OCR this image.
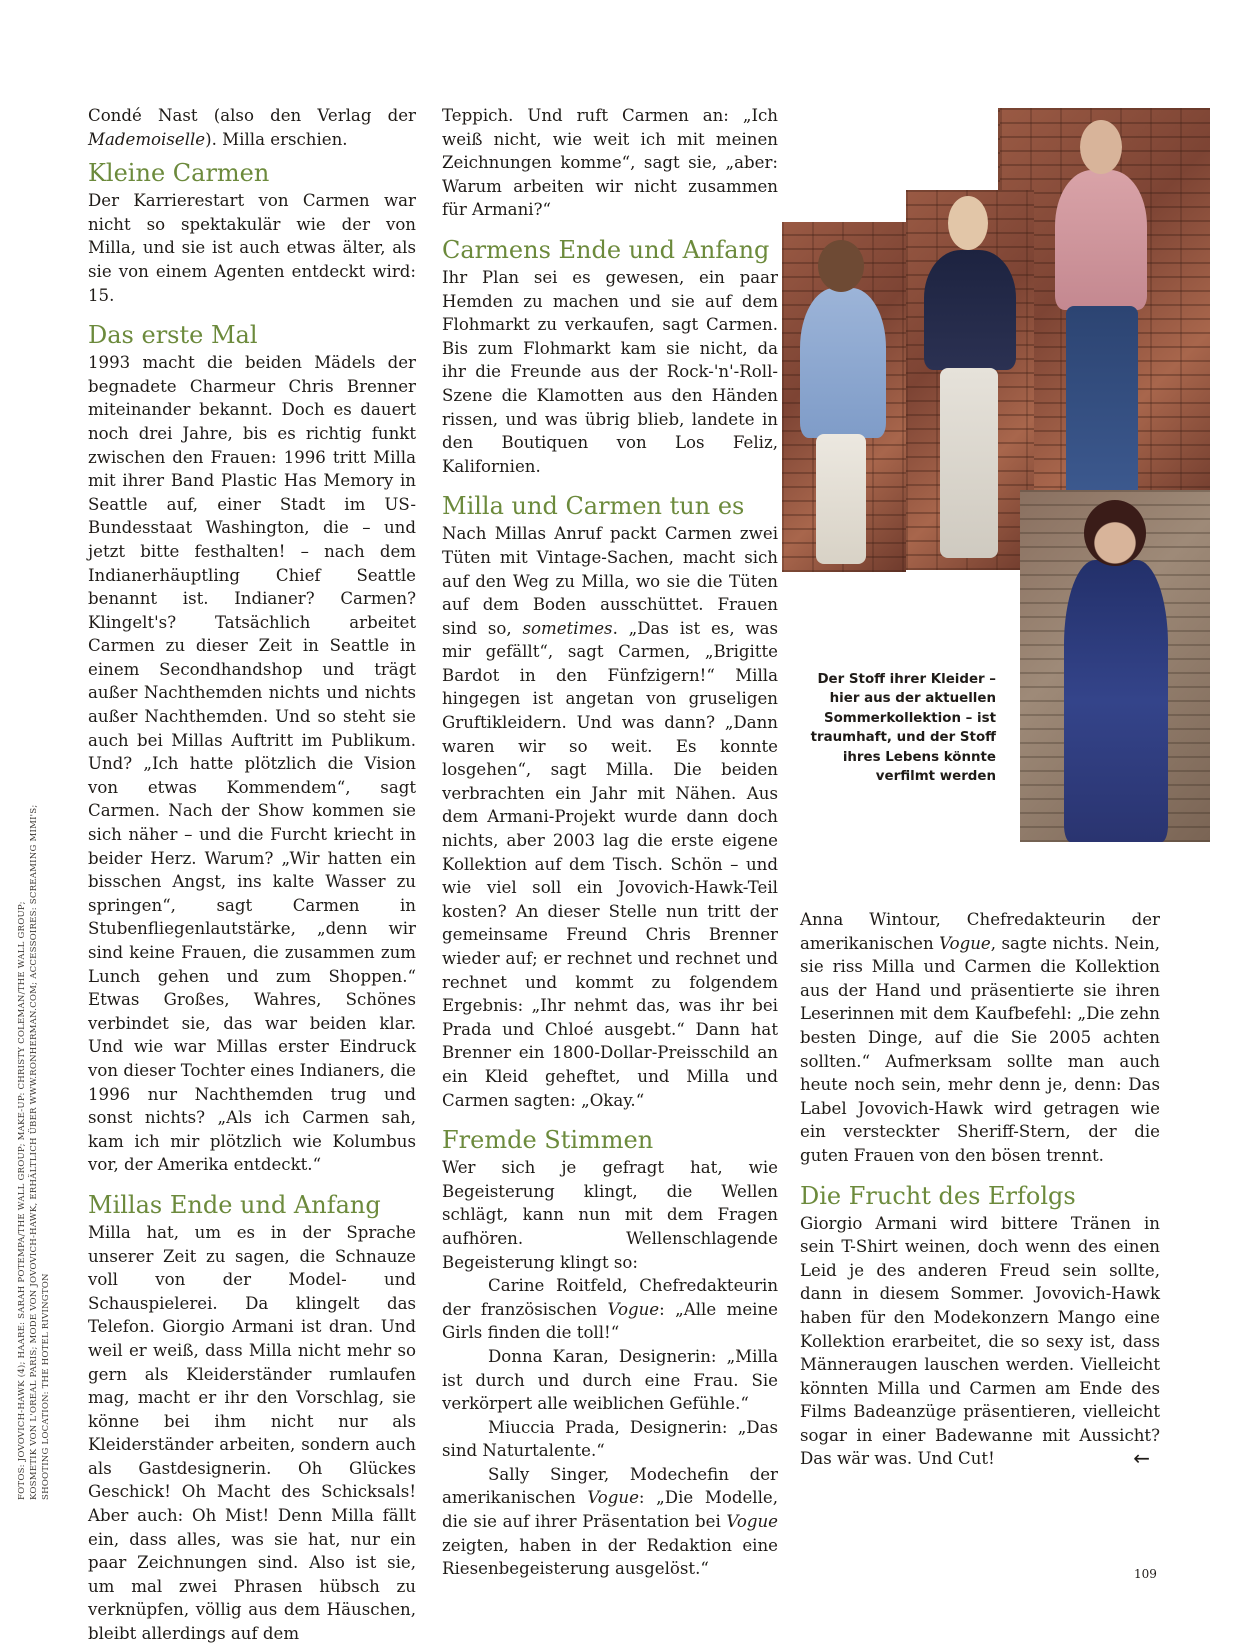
FOTOS: JOVOVICH-HAWK (4); HAARE: SARAH POTEMPA/THE WALL GROUP; MAKE-UP: CHRISTY COLEMAN/THE WALL GROUP; KOSMETIK VON L'OREAL PARIS; MODE VON JOVOVICH-HAWK, ERHÄLTLICH ÜBER WWW.RONHERMAN.COM; ACCESSOIRES: SCREAMING MIMI'S; SHOOTING LOCATION: THE HOTEL RIVINGTON

Condé Nast (also den Verlag der Mademoiselle). Milla erschien.

Kleine Carmen

Der Karrierestart von Carmen war nicht so spektakulär wie der von Milla, und sie ist auch etwas älter, als sie von einem Agenten entdeckt wird: 15.

Das erste Mal

1993 macht die beiden Mädels der begnadete Charmeur Chris Brenner miteinander bekannt. Doch es dauert noch drei Jahre, bis es richtig funkt zwischen den Frauen: 1996 tritt Milla mit ihrer Band Plastic Has Memory in Seattle auf, einer Stadt im US-Bundesstaat Washington, die – und jetzt bitte festhalten! – nach dem Indianerhäuptling Chief Seattle benannt ist. Indianer? Carmen? Klingelt's? Tatsächlich arbeitet Carmen zu dieser Zeit in Seattle in einem Secondhandshop und trägt außer Nachthemden nichts und nichts außer Nachthemden. Und so steht sie auch bei Millas Auftritt im Publikum. Und? „Ich hatte plötzlich die Vision von etwas Kommendem“, sagt Carmen. Nach der Show kommen sie sich näher – und die Furcht kriecht in beider Herz. Warum? „Wir hatten ein bisschen Angst, ins kalte Wasser zu springen“, sagt Carmen in Stubenfliegenlautstärke, „denn wir sind keine Frauen, die zusammen zum Lunch gehen und zum Shoppen.“ Etwas Großes, Wahres, Schönes verbindet sie, das war beiden klar. Und wie war Millas erster Eindruck von dieser Tochter eines Indianers, die 1996 nur Nachthemden trug und sonst nichts? „Als ich Carmen sah, kam ich mir plötzlich wie Kolumbus vor, der Amerika entdeckt.“

Millas Ende und Anfang

Milla hat, um es in der Sprache unserer Zeit zu sagen, die Schnauze voll von der Model- und Schauspielerei. Da klingelt das Telefon. Giorgio Armani ist dran. Und weil er weiß, dass Milla nicht mehr so gern als Kleiderständer rumlaufen mag, macht er ihr den Vorschlag, sie könne bei ihm nicht nur als Kleiderständer arbeiten, sondern auch als Gastdesignerin. Oh Glückes Geschick! Oh Macht des Schicksals! Aber auch: Oh Mist! Denn Milla fällt ein, dass alles, was sie hat, nur ein paar Zeichnungen sind. Also ist sie, um mal zwei Phrasen hübsch zu verknüpfen, völlig aus dem Häuschen, bleibt allerdings auf dem

Teppich. Und ruft Carmen an: „Ich weiß nicht, wie weit ich mit meinen Zeichnungen komme“, sagt sie, „aber: Warum arbeiten wir nicht zusammen für Armani?“

Carmens Ende und Anfang

Ihr Plan sei es gewesen, ein paar Hemden zu machen und sie auf dem Flohmarkt zu verkaufen, sagt Carmen. Bis zum Flohmarkt kam sie nicht, da ihr die Freunde aus der Rock-'n'-Roll-Szene die Klamotten aus den Händen rissen, und was übrig blieb, landete in den Boutiquen von Los Feliz, Kalifornien.

Milla und Carmen tun es

Nach Millas Anruf packt Carmen zwei Tüten mit Vintage-Sachen, macht sich auf den Weg zu Milla, wo sie die Tüten auf dem Boden ausschüttet. Frauen sind so, sometimes. „Das ist es, was mir gefällt“, sagt Carmen, „Brigitte Bardot in den Fünfzigern!“ Milla hingegen ist angetan von gruseligen Gruftikleidern. Und was dann? „Dann waren wir so weit. Es konnte losgehen“, sagt Milla. Die beiden verbrachten ein Jahr mit Nähen. Aus dem Armani-Projekt wurde dann doch nichts, aber 2003 lag die erste eigene Kollektion auf dem Tisch. Schön – und wie viel soll ein Jovovich-Hawk-Teil kosten? An dieser Stelle nun tritt der gemeinsame Freund Chris Brenner wieder auf; er rechnet und rechnet und rechnet und kommt zu folgendem Ergebnis: „Ihr nehmt das, was ihr bei Prada und Chloé ausgebt.“ Dann hat Brenner ein 1800-Dollar-Preisschild an ein Kleid geheftet, und Milla und Carmen sagten: „Okay.“

Fremde Stimmen

Wer sich je gefragt hat, wie Begeisterung klingt, die Wellen schlägt, kann nun mit dem Fragen aufhören. Wellenschlagende Begeisterung klingt so:

Carine Roitfeld, Chefredakteurin der französischen Vogue: „Alle meine Girls finden die toll!“

Donna Karan, Designerin: „Milla ist durch und durch eine Frau. Sie verkörpert alle weiblichen Gefühle.“

Miuccia Prada, Designerin: „Das sind Naturtalente.“

Sally Singer, Modechefin der amerikanischen Vogue: „Die Modelle, die sie auf ihrer Präsentation bei Vogue zeigten, haben in der Redaktion eine Riesenbegeisterung ausgelöst.“

Der Stoff ihrer Kleider – hier aus der aktuellen Sommerkollektion – ist traumhaft, und der Stoff ihres Lebens könnte verfilmt werden

Anna Wintour, Chefredakteurin der amerikanischen Vogue, sagte nichts. Nein, sie riss Milla und Carmen die Kollektion aus der Hand und präsentierte sie ihren Leserinnen mit dem Kaufbefehl: „Die zehn besten Dinge, auf die Sie 2005 achten sollten.“ Aufmerksam sollte man auch heute noch sein, mehr denn je, denn: Das Label Jovovich-Hawk wird getragen wie ein versteckter Sheriff-Stern, der die guten Frauen von den bösen trennt.

Die Frucht des Erfolgs

Giorgio Armani wird bittere Tränen in sein T-Shirt weinen, doch wenn des einen Leid je des anderen Freud sein sollte, dann in diesem Sommer. Jovovich-Hawk haben für den Modekonzern Mango eine Kollektion erarbeitet, die so sexy ist, dass Männeraugen lauschen werden. Vielleicht könnten Milla und Carmen am Ende des Films Badeanzüge präsentieren, vielleicht sogar in einer Badewanne mit Aussicht? Das wär was. Und Cut!	←

109
